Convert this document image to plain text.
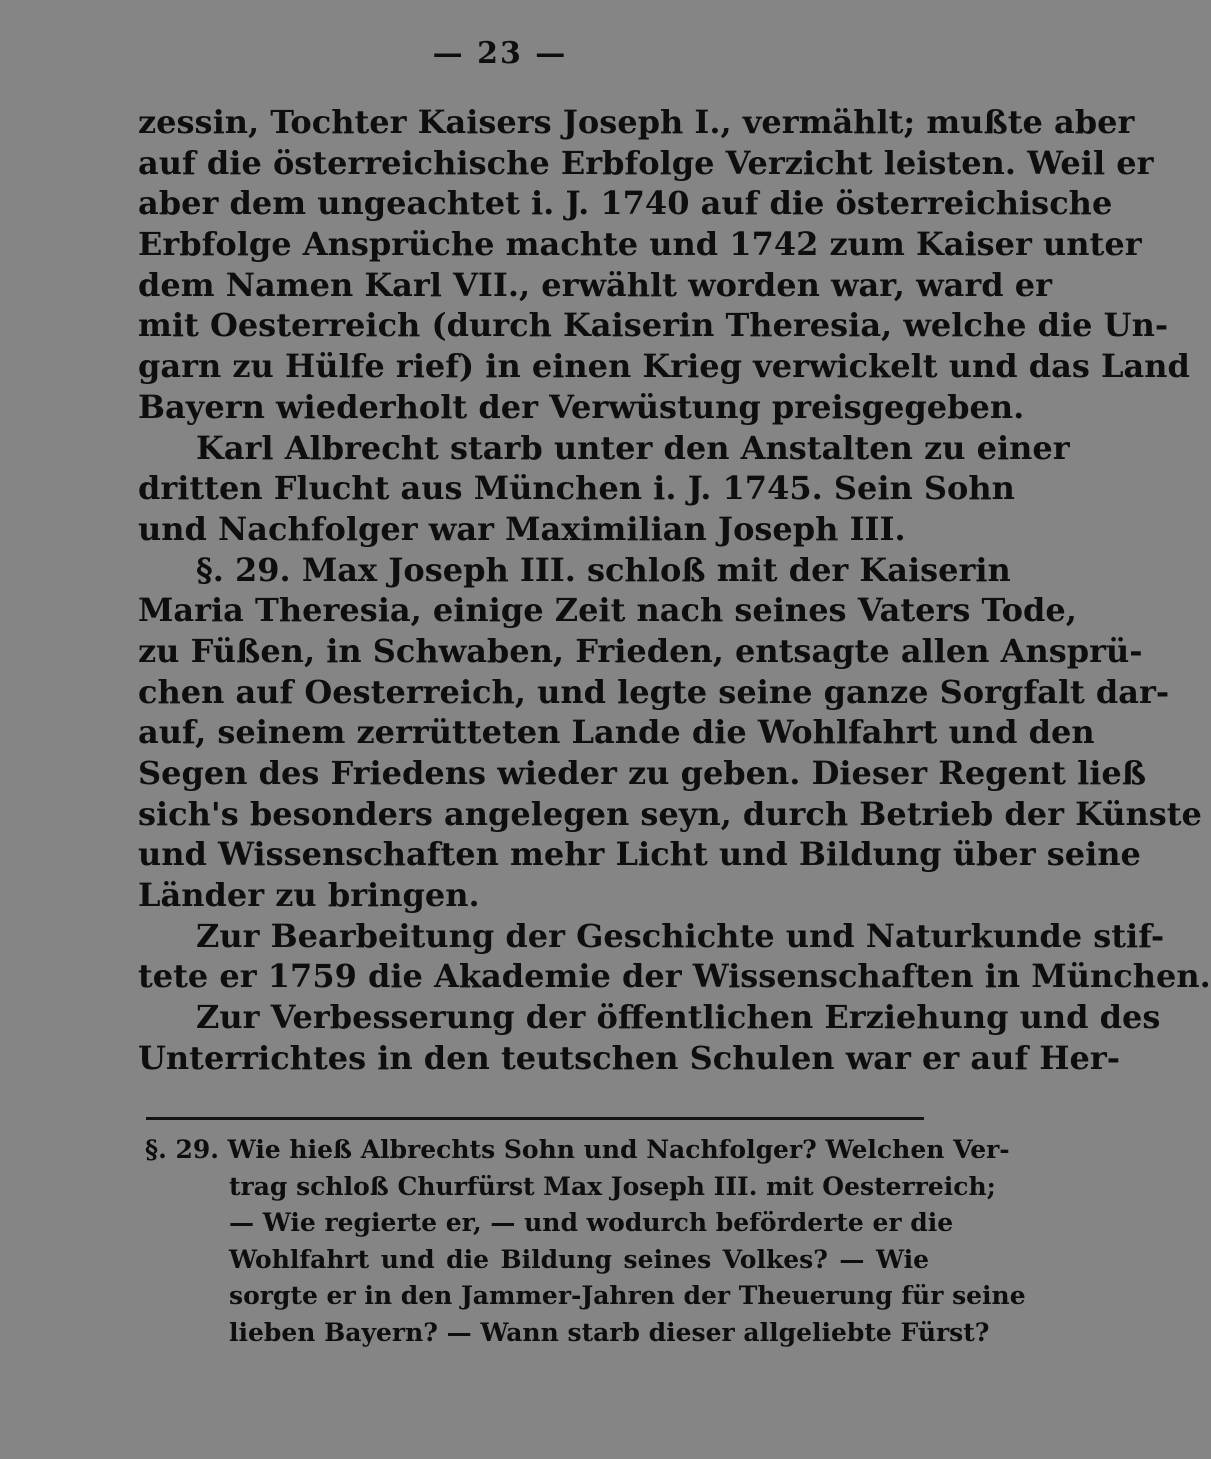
— 23 —
zessin, Tochter Kaisers Joseph I., vermählt; mußte aber
auf die österreichische Erbfolge Verzicht leisten. Weil er
aber dem ungeachtet i. J. 1740 auf die österreichische
Erbfolge Ansprüche machte und 1742 zum Kaiser unter
dem Namen Karl VII., erwählt worden war, ward er
mit Oesterreich (durch Kaiserin Theresia, welche die Un-
garn zu Hülfe rief) in einen Krieg verwickelt und das Land
Bayern wiederholt der Verwüstung preisgegeben.
Karl Albrecht starb unter den Anstalten zu einer
dritten Flucht aus München i. J. 1745. Sein Sohn
und Nachfolger war Maximilian Joseph III.
§. 29. Max Joseph III. schloß mit der Kaiserin
Maria Theresia, einige Zeit nach seines Vaters Tode,
zu Füßen, in Schwaben, Frieden, entsagte allen Ansprü-
chen auf Oesterreich, und legte seine ganze Sorgfalt dar-
auf, seinem zerrütteten Lande die Wohlfahrt und den
Segen des Friedens wieder zu geben. Dieser Regent ließ
sich's besonders angelegen seyn, durch Betrieb der Künste
und Wissenschaften mehr Licht und Bildung über seine
Länder zu bringen.
Zur Bearbeitung der Geschichte und Naturkunde stif-
tete er 1759 die Akademie der Wissenschaften in München.
Zur Verbesserung der öffentlichen Erziehung und des
Unterrichtes in den teutschen Schulen war er auf Her-
§. 29. Wie hieß Albrechts Sohn und Nachfolger? Welchen Ver-
trag schloß Churfürst Max Joseph III. mit Oesterreich;
— Wie regierte er, — und wodurch beförderte er die
Wohlfahrt und die Bildung seines Volkes? — Wie
sorgte er in den Jammer-Jahren der Theuerung für seine
lieben Bayern? — Wann starb dieser allgeliebte Fürst?
